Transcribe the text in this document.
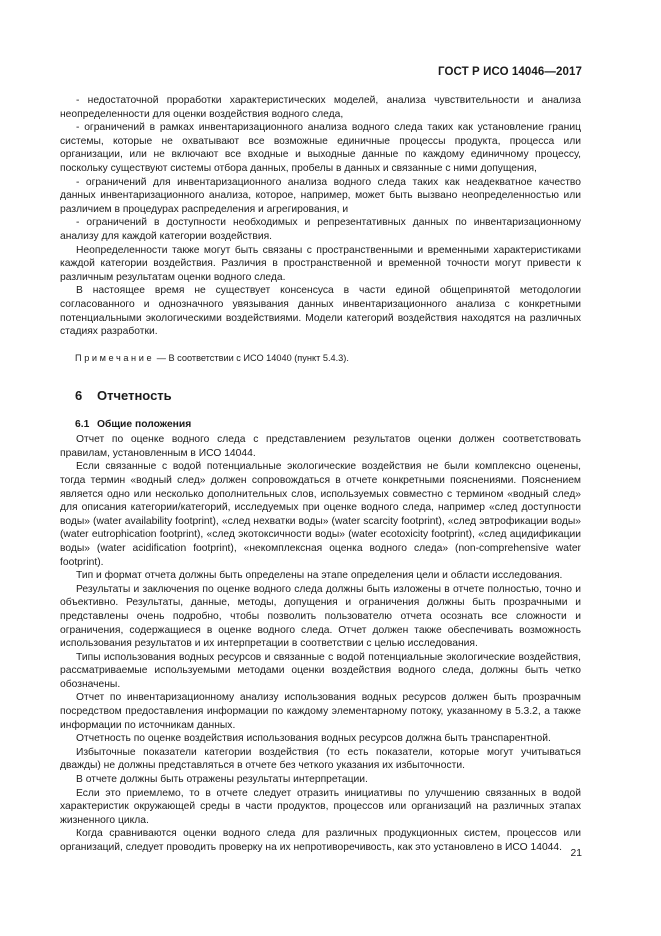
ГОСТ Р ИСО 14046—2017

- недостаточной проработки характеристических моделей, анализа чувствительности и анализа неопределенности для оценки воздействия водного следа,

- ограничений в рамках инвентаризационного анализа водного следа таких как установление границ системы, которые не охватывают все возможные единичные процессы продукта, процесса или организации, или не включают все входные и выходные данные по каждому единичному процессу, поскольку существуют системы отбора данных, пробелы в данных и связанные с ними допущения,

- ограничений для инвентаризационного анализа водного следа таких как неадекватное качество данных инвентаризационного анализа, которое, например, может быть вызвано неопределенностью или различием в процедурах распределения и агрегирования, и

- ограничений в доступности необходимых и репрезентативных данных по инвентаризационному анализу для каждой категории воздействия.

Неопределенности также могут быть связаны с пространственными и временными характеристиками каждой категории воздействия. Различия в пространственной и временной точности могут привести к различным результатам оценки водного следа.

В настоящее время не существует консенсуса в части единой общепринятой методологии согласованного и однозначного увязывания данных инвентаризационного анализа с конкретными потенциальными экологическими воздействиями. Модели категорий воздействия находятся на различных стадиях разработки.

Примечание — В соответствии с ИСО 14040 (пункт 5.4.3).

6 Отчетность
6.1 Общие положения

Отчет по оценке водного следа с представлением результатов оценки должен соответствовать правилам, установленным в ИСО 14044.

Если связанные с водой потенциальные экологические воздействия не были комплексно оценены, тогда термин «водный след» должен сопровождаться в отчете конкретными пояснениями. Пояснением является одно или несколько дополнительных слов, используемых совместно с термином «водный след» для описания категории/категорий, исследуемых при оценке водного следа, например «след доступности воды» (water availability footprint), «след нехватки воды» (water scarcity footprint), «след эвтрофикации воды» (water eutrophication footprint), «след экотоксичности воды» (water ecotoxicity footprint), «след ацидификации воды» (water acidification footprint), «некомплексная оценка водного следа» (non-comprehensive water footprint).

Тип и формат отчета должны быть определены на этапе определения цели и области исследования.

Результаты и заключения по оценке водного следа должны быть изложены в отчете полностью, точно и объективно. Результаты, данные, методы, допущения и ограничения должны быть прозрачными и представлены очень подробно, чтобы позволить пользователю отчета осознать все сложности и ограничения, содержащиеся в оценке водного следа. Отчет должен также обеспечивать возможность использования результатов и их интерпретации в соответствии с целью исследования.

Типы использования водных ресурсов и связанные с водой потенциальные экологические воздействия, рассматриваемые используемыми методами оценки воздействия водного следа, должны быть четко обозначены.

Отчет по инвентаризационному анализу использования водных ресурсов должен быть прозрачным посредством предоставления информации по каждому элементарному потоку, указанному в 5.3.2, а также информации по источникам данных.

Отчетность по оценке воздействия использования водных ресурсов должна быть транспарентной.

Избыточные показатели категории воздействия (то есть показатели, которые могут учитываться дважды) не должны представляться в отчете без четкого указания их избыточности.

В отчете должны быть отражены результаты интерпретации.

Если это приемлемо, то в отчете следует отразить инициативы по улучшению связанных в водой характеристик окружающей среды в части продуктов, процессов или организаций на различных этапах жизненного цикла.

Когда сравниваются оценки водного следа для различных продукционных систем, процессов или организаций, следует проводить проверку на их непротиворечивость, как это установлено в ИСО 14044.

21
